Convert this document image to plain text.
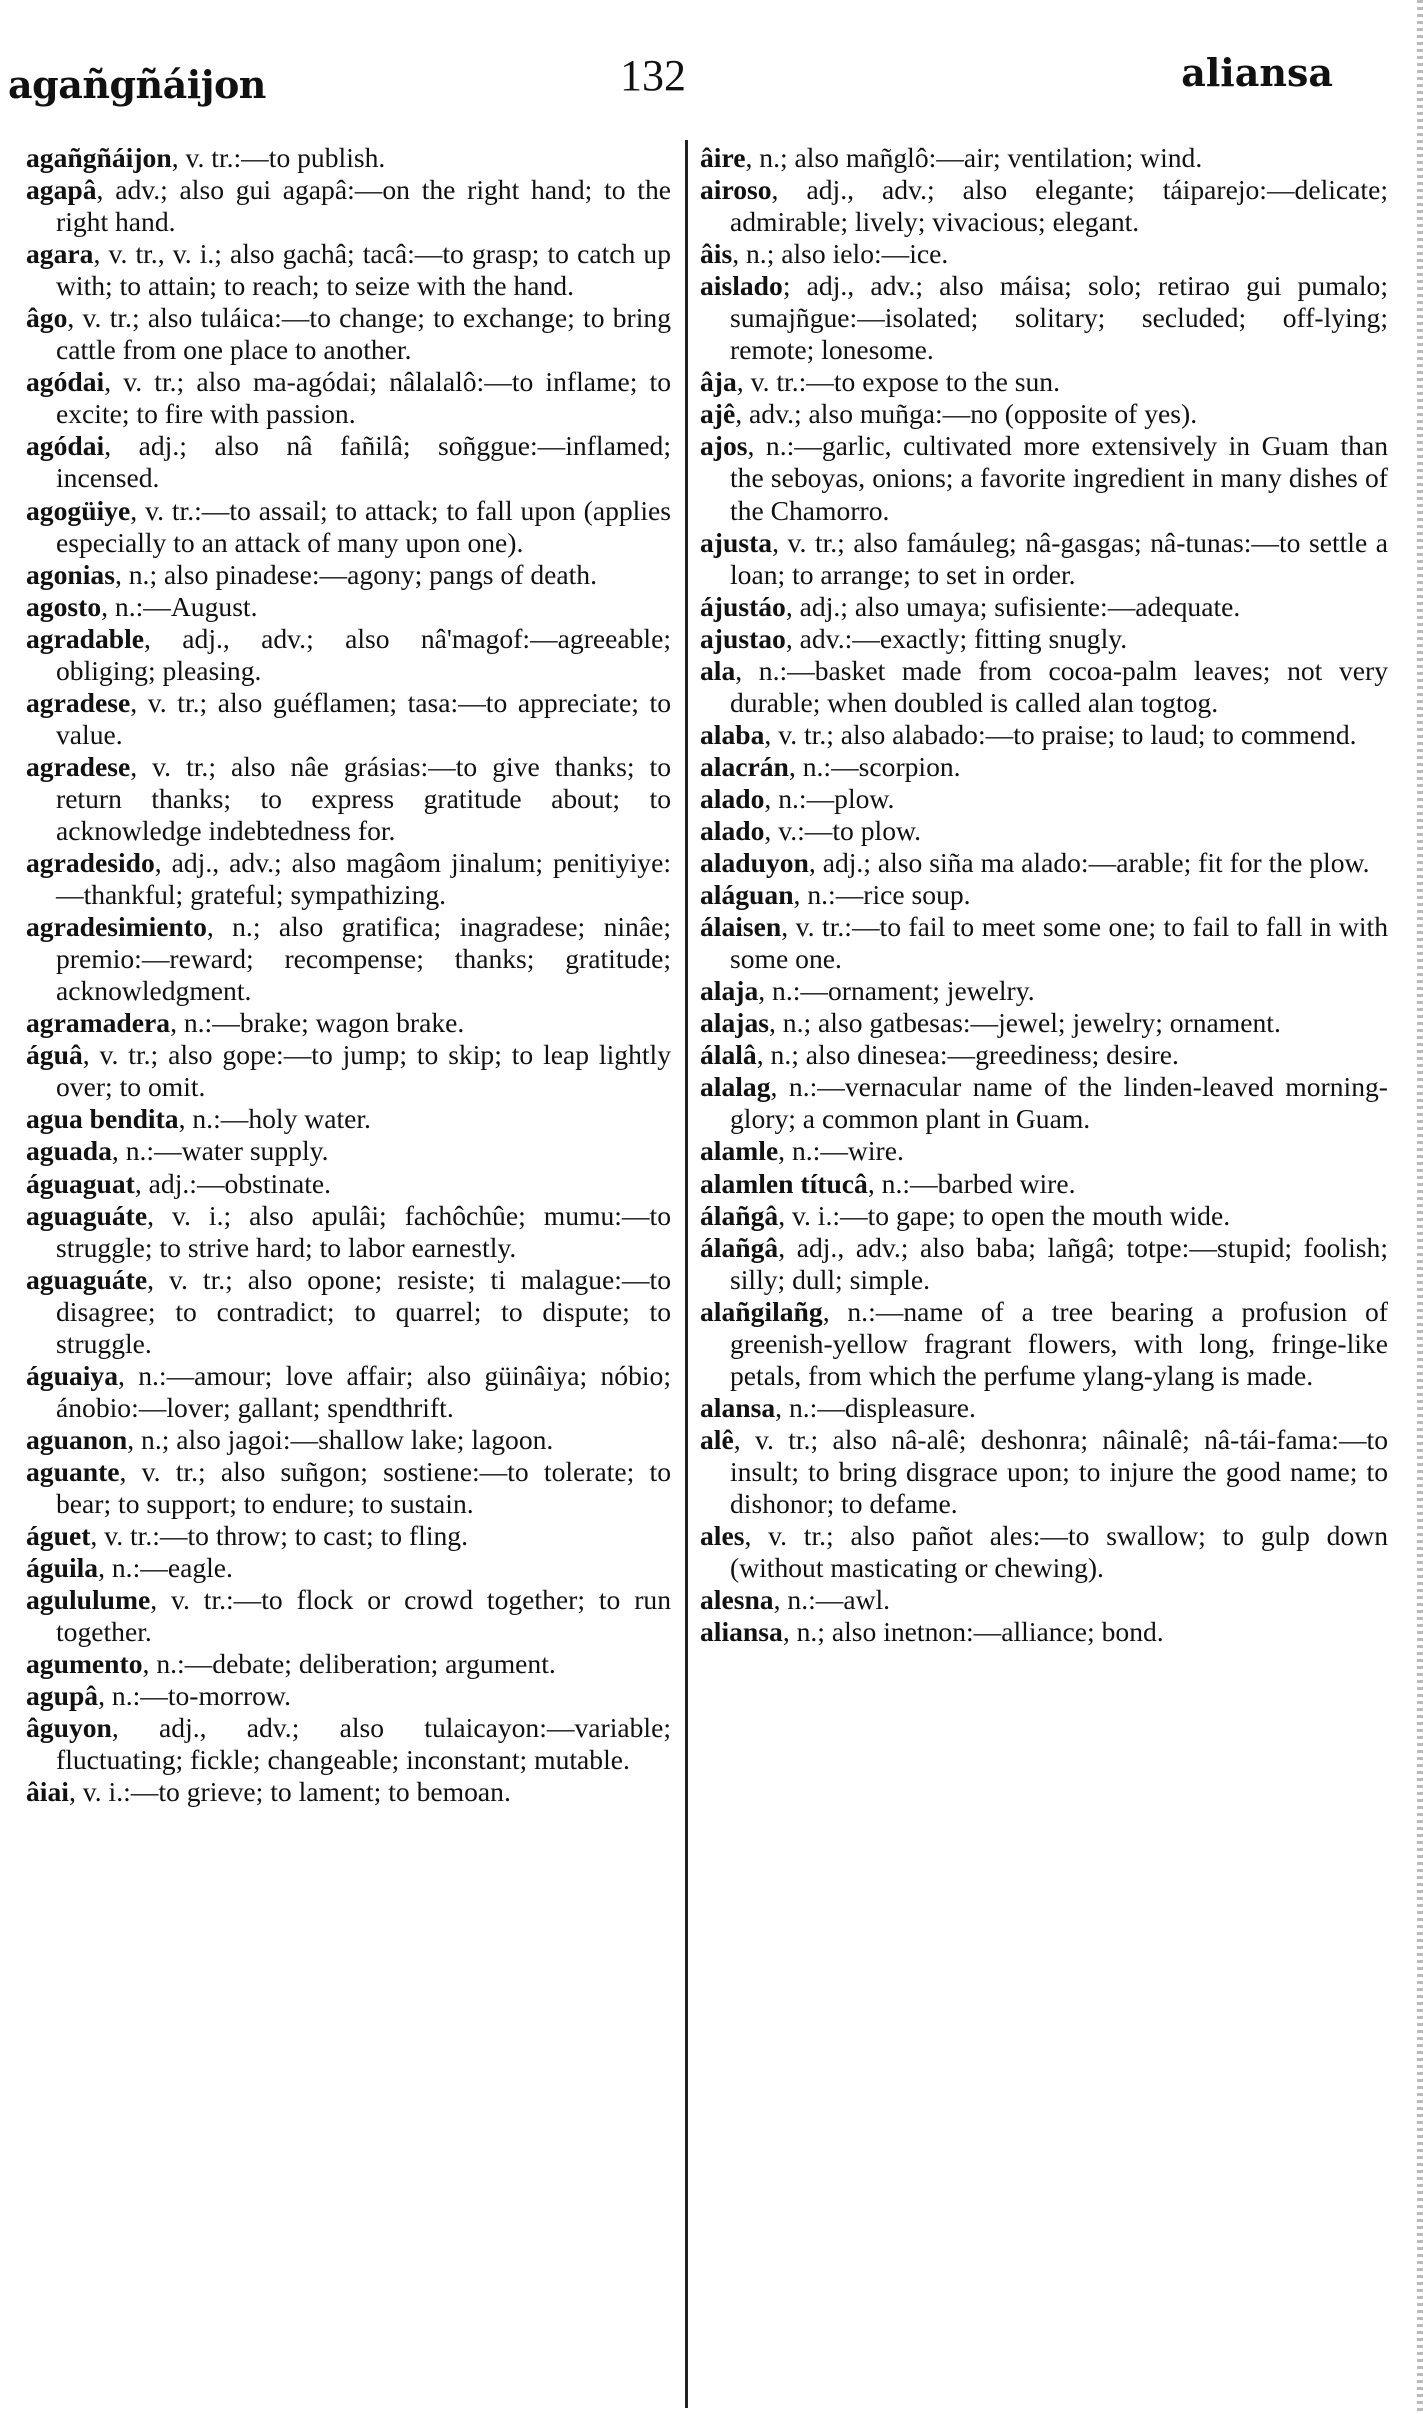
agañgñáijon	132	aliansa

agañgñáijon, v. tr.:—to publish.

agapâ, adv.; also gui agapâ:—on the right hand; to the right hand.

agara, v. tr., v. i.; also gachâ; tacâ:—to grasp; to catch up with; to attain; to reach; to seize with the hand.

âgo, v. tr.; also tuláica:—to change; to exchange; to bring cattle from one place to another.

agódai, v. tr.; also ma-agódai; nâlalalô:—to inflame; to excite; to fire with passion.

agódai, adj.; also nâ fañilâ; soñggue:—inflamed; incensed.

agogüiye, v. tr.:—to assail; to attack; to fall upon (applies especially to an attack of many upon one).

agonias, n.; also pinadese:—agony; pangs of death.

agosto, n.:—August.

agradable, adj., adv.; also nâ'magof:—agreeable; obliging; pleasing.

agradese, v. tr.; also guéflamen; tasa:—to appreciate; to value.

agradese, v. tr.; also nâe grásias:—to give thanks; to return thanks; to express gratitude about; to acknowledge indebtedness for.

agradesido, adj., adv.; also magâom jinalum; penitiyiye:—thankful; grateful; sympathizing.

agradesimiento, n.; also gratifica; inagradese; ninâe; premio:—reward; recompense; thanks; gratitude; acknowledgment.

agramadera, n.:—brake; wagon brake.

águâ, v. tr.; also gope:—to jump; to skip; to leap lightly over; to omit.

agua bendita, n.:—holy water.

aguada, n.:—water supply.

águaguat, adj.:—obstinate.

aguaguáte, v. i.; also apulâi; fachôchûe; mumu:—to struggle; to strive hard; to labor earnestly.

aguaguáte, v. tr.; also opone; resiste; ti malague:—to disagree; to contradict; to quarrel; to dispute; to struggle.

águaiya, n.:—amour; love affair; also güinâiya; nóbio; ánobio:—lover; gallant; spendthrift.

aguanon, n.; also jagoi:—shallow lake; lagoon.

aguante, v. tr.; also suñgon; sostiene:—to tolerate; to bear; to support; to endure; to sustain.

águet, v. tr.:—to throw; to cast; to fling.

águila, n.:—eagle.

agululume, v. tr.:—to flock or crowd together; to run together.

agumento, n.:—debate; deliberation; argument.

agupâ, n.:—to-morrow.

âguyon, adj., adv.; also tulaicayon:—variable; fluctuating; fickle; changeable; inconstant; mutable.

âiai, v. i.:—to grieve; to lament; to bemoan.

âire, n.; also mañglô:—air; ventilation; wind.

airoso, adj., adv.; also elegante; táiparejo:—delicate; admirable; lively; vivacious; elegant.

âis, n.; also ielo:—ice.

aislado; adj., adv.; also máisa; solo; retirao gui pumalo; sumajñgue:—isolated; solitary; secluded; off-lying; remote; lonesome.

âja, v. tr.:—to expose to the sun.

ajê, adv.; also muñga:—no (opposite of yes).

ajos, n.:—garlic, cultivated more extensively in Guam than the seboyas, onions; a favorite ingredient in many dishes of the Chamorro.

ajusta, v. tr.; also famáuleg; nâ-gasgas; nâ-tunas:—to settle a loan; to arrange; to set in order.

ájustáo, adj.; also umaya; sufisiente:—adequate.

ajustao, adv.:—exactly; fitting snugly.

ala, n.:—basket made from cocoa-palm leaves; not very durable; when doubled is called alan togtog.

alaba, v. tr.; also alabado:—to praise; to laud; to commend.

alacrán, n.:—scorpion.

alado, n.:—plow.

alado, v.:—to plow.

aladuyon, adj.; also siña ma alado:—arable; fit for the plow.

aláguan, n.:—rice soup.

álaisen, v. tr.:—to fail to meet some one; to fail to fall in with some one.

alaja, n.:—ornament; jewelry.

alajas, n.; also gatbesas:—jewel; jewelry; ornament.

álalâ, n.; also dinesea:—greediness; desire.

alalag, n.:—vernacular name of the linden-leaved morning-glory; a common plant in Guam.

alamle, n.:—wire.

alamlen títucâ, n.:—barbed wire.

álañgâ, v. i.:—to gape; to open the mouth wide.

álañgâ, adj., adv.; also baba; lañgâ; totpe:—stupid; foolish; silly; dull; simple.

alañgilañg, n.:—name of a tree bearing a profusion of greenish-yellow fragrant flowers, with long, fringe-like petals, from which the perfume ylang-ylang is made.

alansa, n.:—displeasure.

alê, v. tr.; also nâ-alê; deshonra; nâinalê; nâ-tái-fama:—to insult; to bring disgrace upon; to injure the good name; to dishonor; to defame.

ales, v. tr.; also pañot ales:—to swallow; to gulp down (without masticating or chewing).

alesna, n.:—awl.

aliansa, n.; also inetnon:—alliance; bond.
